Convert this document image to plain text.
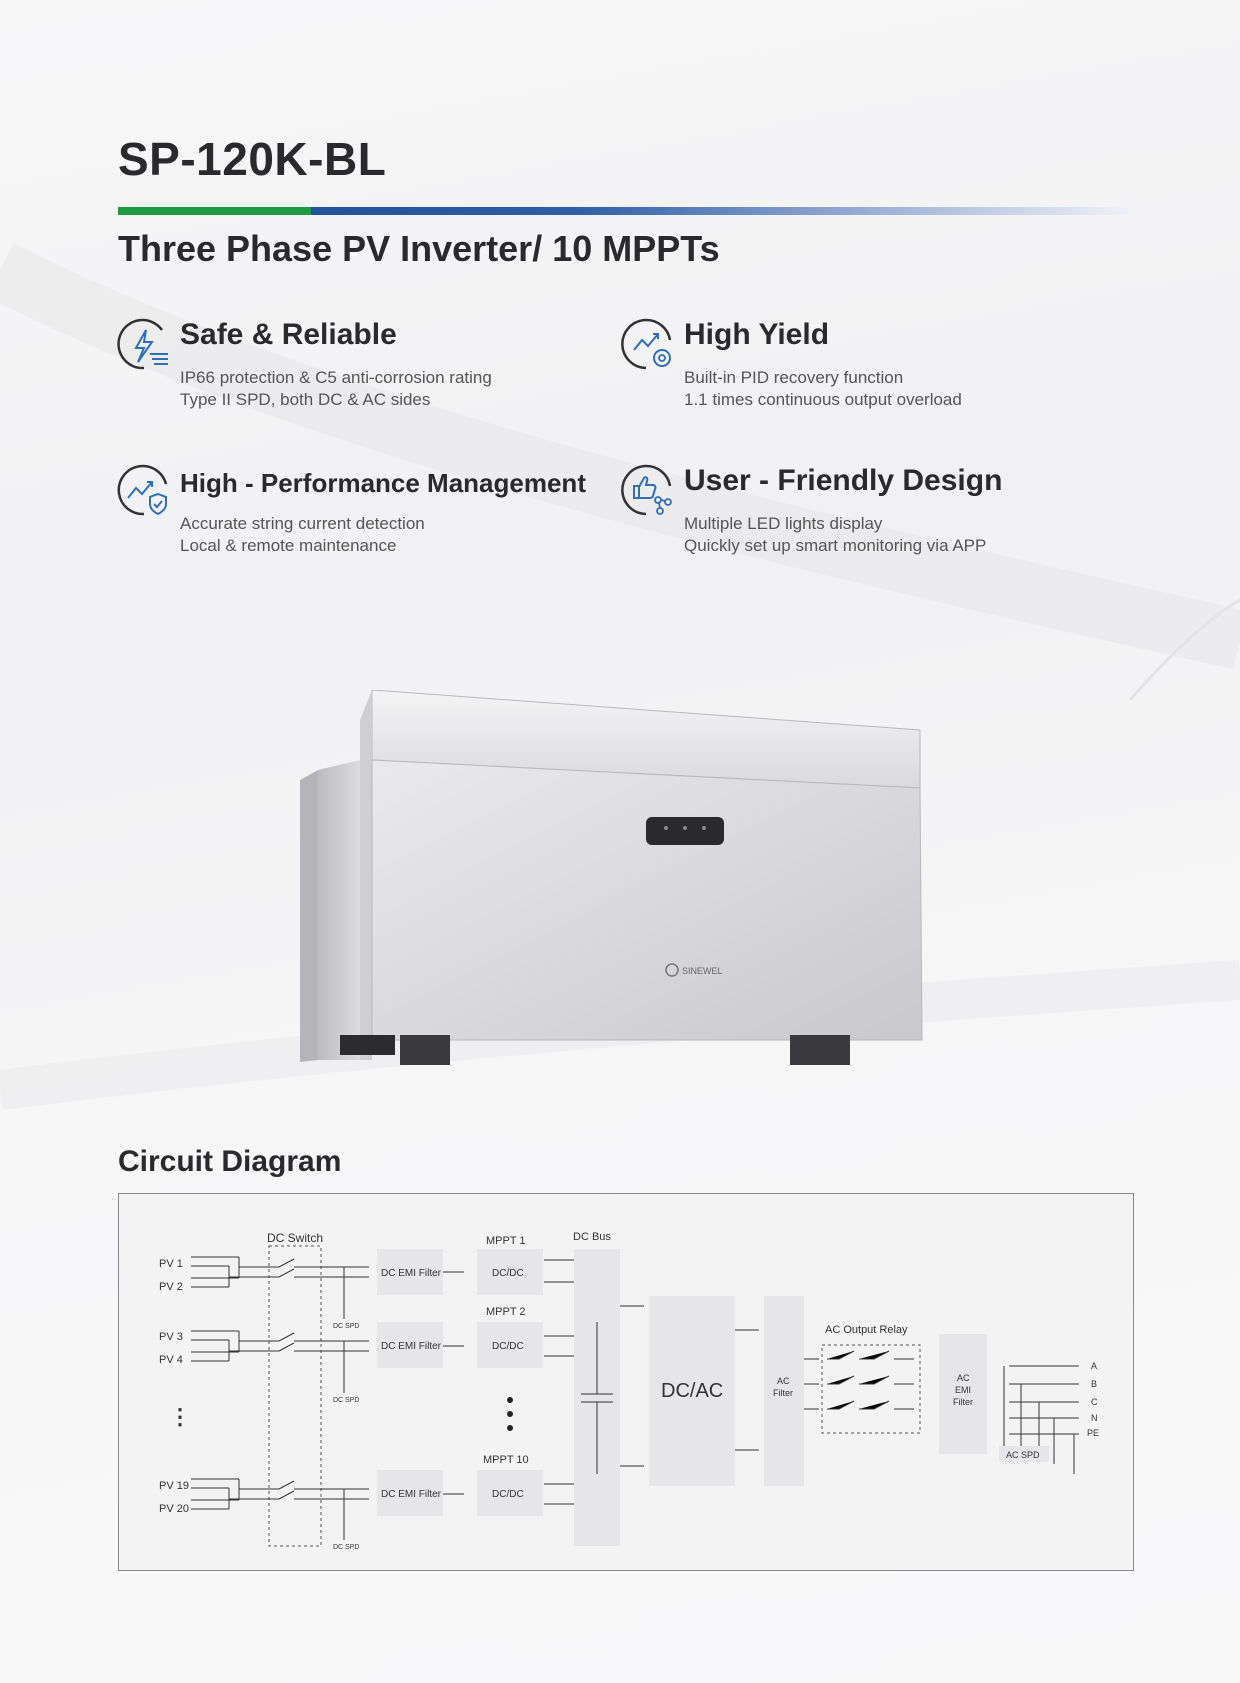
SP-120K-BL
Three Phase PV Inverter/ 10 MPPTs
Safe & Reliable
IP66 protection & C5 anti-corrosion rating
Type II SPD, both DC & AC sides
High Yield
Built-in PID recovery function
1.1 times continuous output overload
High - Performance Management
Accurate string current detection
Local & remote maintenance
User - Friendly Design
Multiple LED lights display
Quickly set up smart monitoring via APP
SINEWEL
Circuit Diagram
DC Switch
PV 1
PV 2
PV 3
PV 4
PV 19
PV 20
⋮
DC SPD
DC SPD
DC SPD
DC EMI Filter
DC EMI Filter
DC EMI Filter
MPPT 1
MPPT 2
MPPT 10
DC/DC
DC/DC
DC/DC
DC Bus
DC/AC	AC
Filter
AC Output Relay
AC
EMI
Filter
AC SPD
A
B
C
N
PE
